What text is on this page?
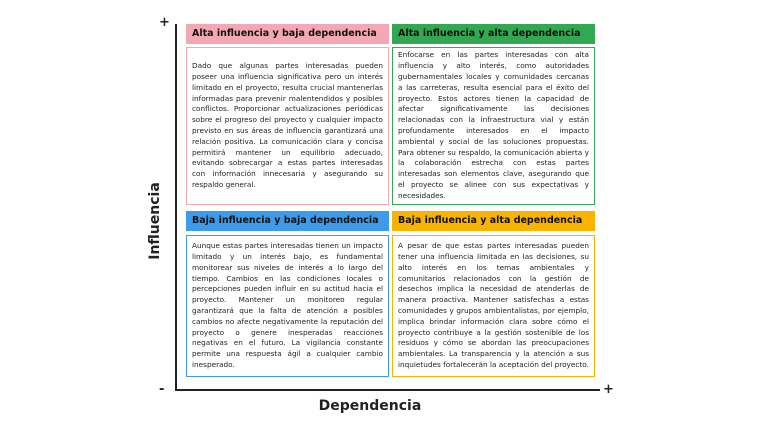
+
-	+
Dependencia
Influencia
Alta influencia y baja dependencia

Dado que algunas partes interesadas pueden poseer una influencia significativa pero un interés limitado en el proyecto, resulta crucial mantenerlas informadas para prevenir malentendidos y posibles conflictos. Proporcionar actualizaciones periódicas sobre el progreso del proyecto y cualquier impacto previsto en sus áreas de influencia garantizará una relación positiva. La comunicación clara y concisa permitirá mantener un equilibrio adecuado, evitando sobrecargar a estas partes interesadas con información innecesaria y asegurando su respaldo general.

Alta influencia y alta dependencia

Enfocarse en las partes interesadas con alta influencia y alto interés, como autoridades gubernamentales locales y comunidades cercanas a las carreteras, resulta esencial para el éxito del proyecto. Estos actores tienen la capacidad de afectar significativamente las decisiones relacionadas con la infraestructura vial y están profundamente interesados en el impacto ambiental y social de las soluciones propuestas. Para obtener su respaldo, la comunicación abierta y la colaboración estrecha con estas partes interesadas son elementos clave, asegurando que el proyecto se alinee con sus expectativas y necesidades.

Baja influencia y baja dependencia

Aunque estas partes interesadas tienen un impacto limitado y un interés bajo, es fundamental monitorear sus niveles de interés a lo largo del tiempo. Cambios en las condiciones locales o percepciones pueden influir en su actitud hacia el proyecto. Mantener un monitoreo regular garantizará que la falta de atención a posibles cambios no afecte negativamente la reputación del proyecto o genere inesperadas reacciones negativas en el futuro. La vigilancia constante permite una respuesta ágil a cualquier cambio inesperado.

Baja influencia y alta dependencia

A pesar de que estas partes interesadas pueden tener una influencia limitada en las decisiones, su alto interés en los temas ambientales y comunitarios relacionados con la gestión de desechos implica la necesidad de atenderlas de manera proactiva. Mantener satisfechas a estas comunidades y grupos ambientalistas, por ejemplo, implica brindar información clara sobre cómo el proyecto contribuye a la gestión sostenible de los residuos y cómo se abordan las preocupaciones ambientales. La transparencia y la atención a sus inquietudes fortalecerán la aceptación del proyecto.
